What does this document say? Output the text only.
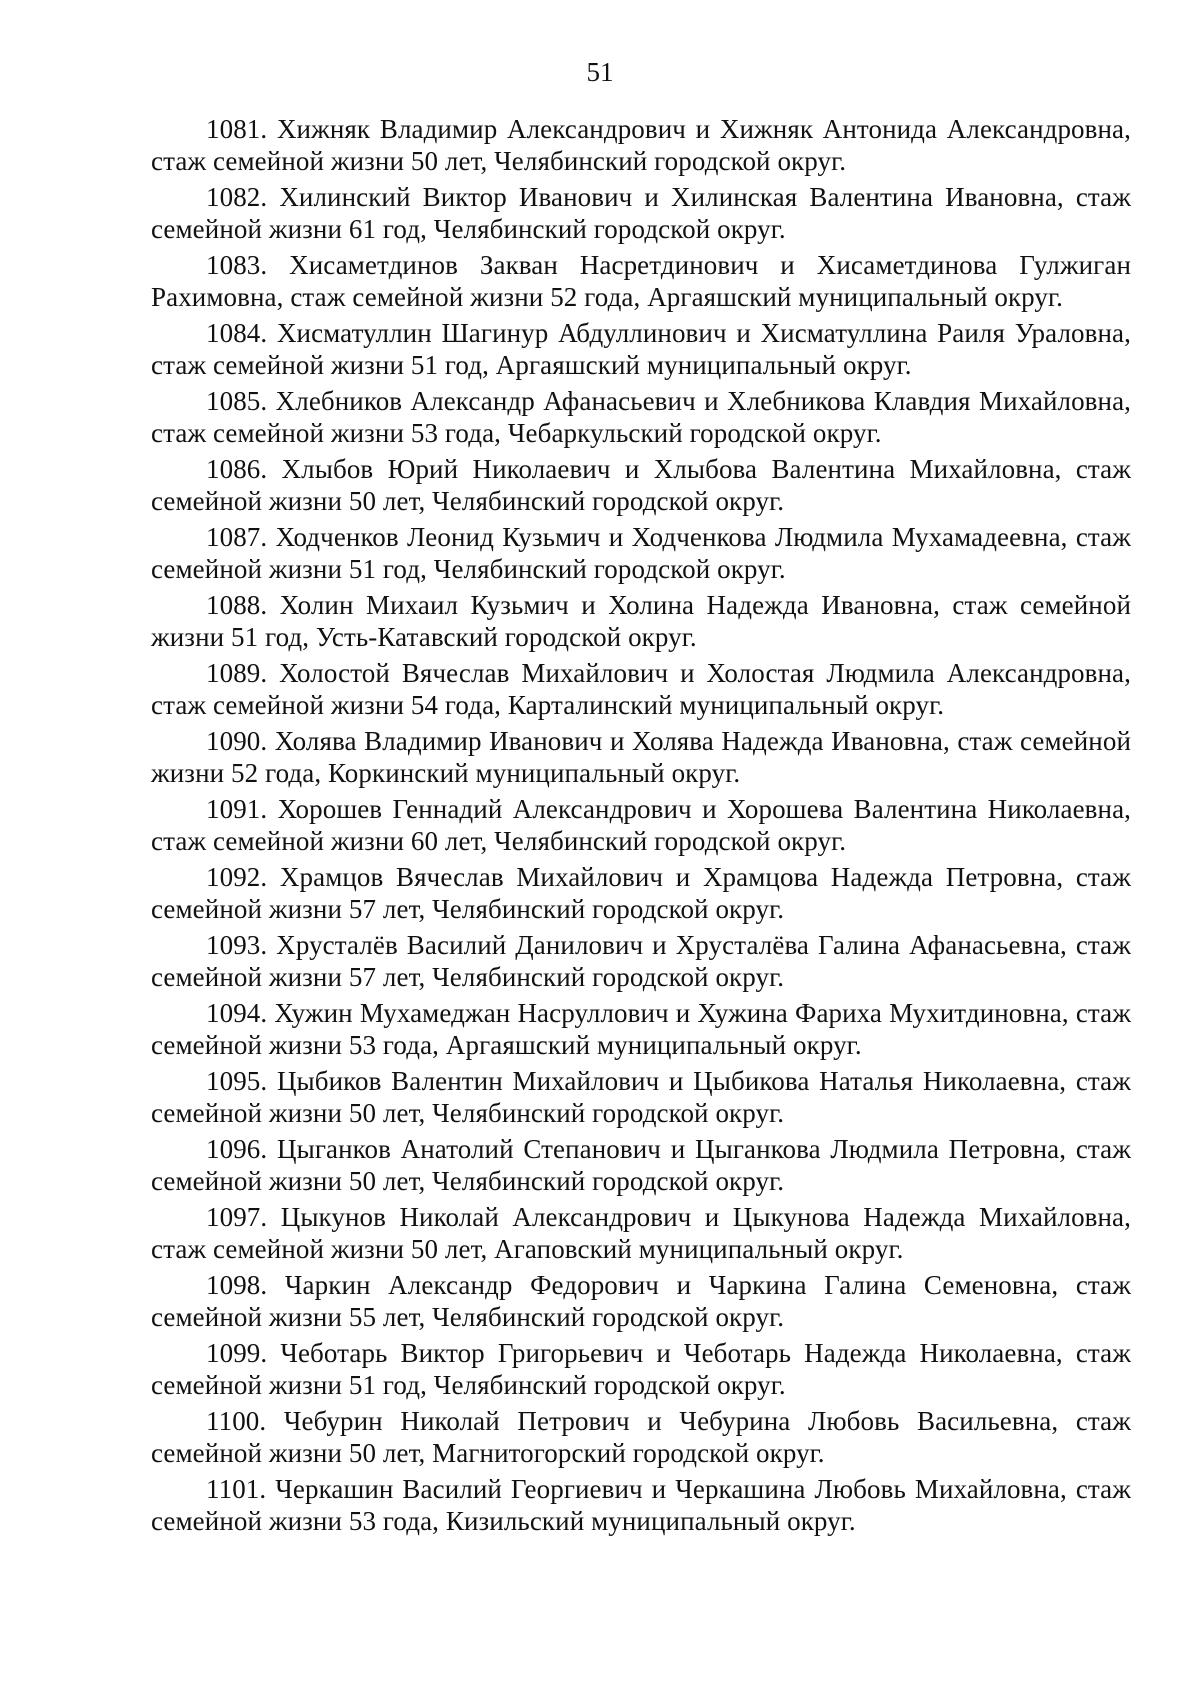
51
1081. Хижняк Владимир Александрович и Хижняк Антонида Александровна, стаж семейной жизни 50 лет, Челябинский городской округ.
1082. Хилинский Виктор Иванович и Хилинская Валентина Ивановна, стаж семейной жизни 61 год, Челябинский городской округ.
1083. Хисаметдинов Закван Насретдинович и Хисаметдинова Гулжиган Рахимовна, стаж семейной жизни 52 года, Аргаяшский муниципальный округ.
1084. Хисматуллин Шагинур Абдуллинович и Хисматуллина Раиля Ураловна, стаж семейной жизни 51 год, Аргаяшский муниципальный округ.
1085. Хлебников Александр Афанасьевич и Хлебникова Клавдия Михайловна, стаж семейной жизни 53 года, Чебаркульский городской округ.
1086. Хлыбов Юрий Николаевич и Хлыбова Валентина Михайловна, стаж семейной жизни 50 лет, Челябинский городской округ.
1087. Ходченков Леонид Кузьмич и Ходченкова Людмила Мухамадеевна, стаж семейной жизни 51 год, Челябинский городской округ.
1088. Холин Михаил Кузьмич и Холина Надежда Ивановна, стаж семейной жизни 51 год, Усть-Катавский городской округ.
1089. Холостой Вячеслав Михайлович и Холостая Людмила Александровна, стаж семейной жизни 54 года, Карталинский муниципальный округ.
1090. Холява Владимир Иванович и Холява Надежда Ивановна, стаж семейной жизни 52 года, Коркинский муниципальный округ.
1091. Хорошев Геннадий Александрович и Хорошева Валентина Николаевна, стаж семейной жизни 60 лет, Челябинский городской округ.
1092. Храмцов Вячеслав Михайлович и Храмцова Надежда Петровна, стаж семейной жизни 57 лет, Челябинский городской округ.
1093. Хрусталёв Василий Данилович и Хрусталёва Галина Афанасьевна, стаж семейной жизни 57 лет, Челябинский городской округ.
1094. Хужин Мухамеджан Насруллович и Хужина Фариха Мухитдиновна, стаж семейной жизни 53 года, Аргаяшский муниципальный округ.
1095. Цыбиков Валентин Михайлович и Цыбикова Наталья Николаевна, стаж семейной жизни 50 лет, Челябинский городской округ.
1096. Цыганков Анатолий Степанович и Цыганкова Людмила Петровна, стаж семейной жизни 50 лет, Челябинский городской округ.
1097. Цыкунов Николай Александрович и Цыкунова Надежда Михайловна, стаж семейной жизни 50 лет, Агаповский муниципальный округ.
1098. Чаркин Александр Федорович и Чаркина Галина Семеновна, стаж семейной жизни 55 лет, Челябинский городской округ.
1099. Чеботарь Виктор Григорьевич и Чеботарь Надежда Николаевна, стаж семейной жизни 51 год, Челябинский городской округ.
1100. Чебурин Николай Петрович и Чебурина Любовь Васильевна, стаж семейной жизни 50 лет, Магнитогорский городской округ.
1101. Черкашин Василий Георгиевич и Черкашина Любовь Михайловна, стаж семейной жизни 53 года, Кизильский муниципальный округ.
